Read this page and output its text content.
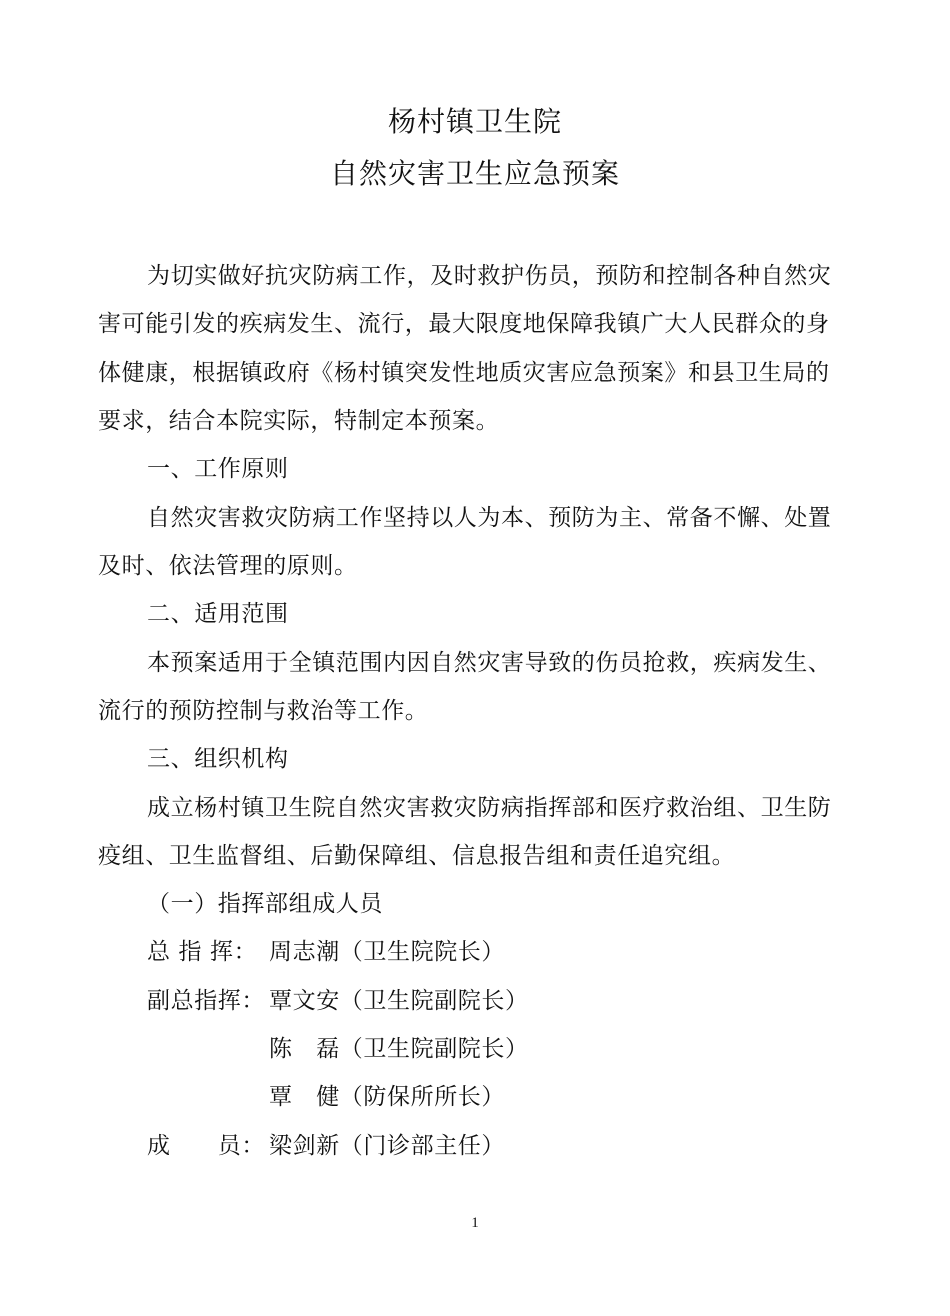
杨村镇卫生院
自然灾害卫生应急预案
为切实做好抗灾防病工作，及时救护伤员，预防和控制各种自然灾
害可能引发的疾病发生、流行，最大限度地保障我镇广大人民群众的身
体健康，根据镇政府《杨村镇突发性地质灾害应急预案》和县卫生局的
要求，结合本院实际，特制定本预案。
一、工作原则
自然灾害救灾防病工作坚持以人为本、预防为主、常备不懈、处置
及时、依法管理的原则。
二、适用范围
本预案适用于全镇范围内因自然灾害导致的伤员抢救，疾病发生、
流行的预防控制与救治等工作。
三、组织机构
成立杨村镇卫生院自然灾害救灾防病指挥部和医疗救治组、卫生防
疫组、卫生监督组、后勤保障组、信息报告组和责任追究组。
（一）指挥部组成人员
总 指 挥： 周志潮（卫生院院长）
副总指挥： 覃文安（卫生院副院长）
陈　磊（卫生院副院长）
覃　健（防保所所长）
成　　员： 梁剑新（门诊部主任）
1
